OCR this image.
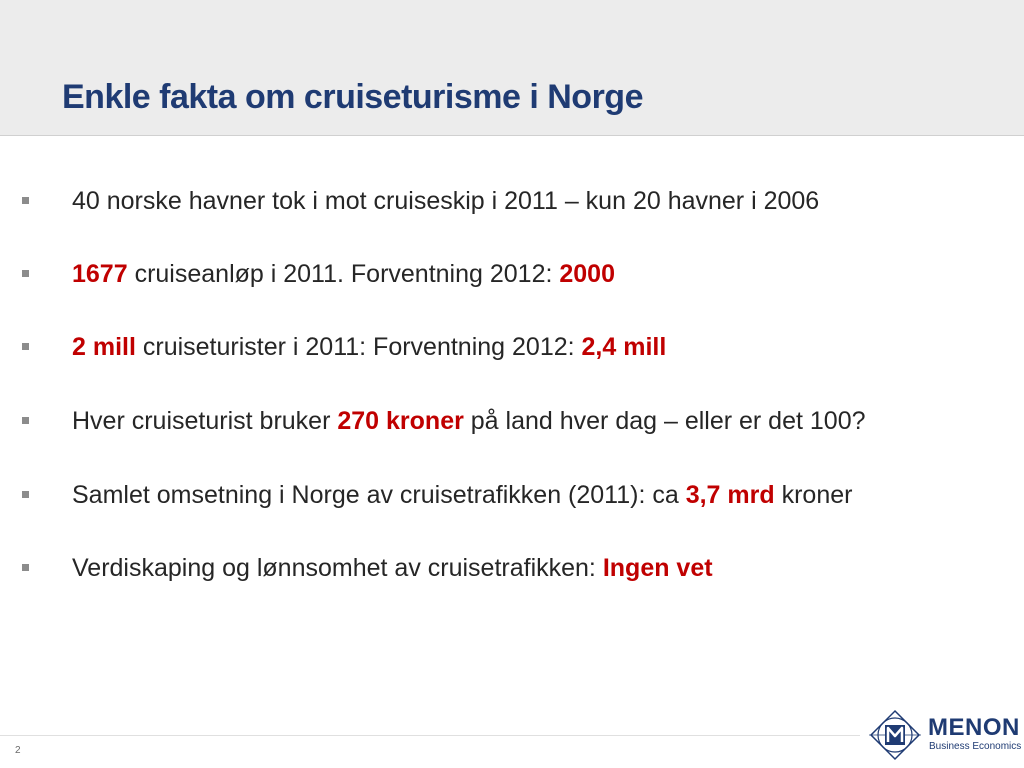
Enkle fakta om cruiseturisme i Norge
40 norske havner tok i mot cruiseskip i 2011 – kun 20 havner i 2006
1677 cruiseanløp i 2011. Forventning 2012: 2000
2 mill cruiseturister i 2011: Forventning 2012: 2,4 mill
Hver cruiseturist bruker 270 kroner på land hver dag – eller er det 100?
Samlet omsetning i Norge av cruisetrafikken (2011): ca 3,7 mrd kroner
Verdiskaping og lønnsomhet av cruisetrafikken: Ingen vet
2
MENON
Business Economics
